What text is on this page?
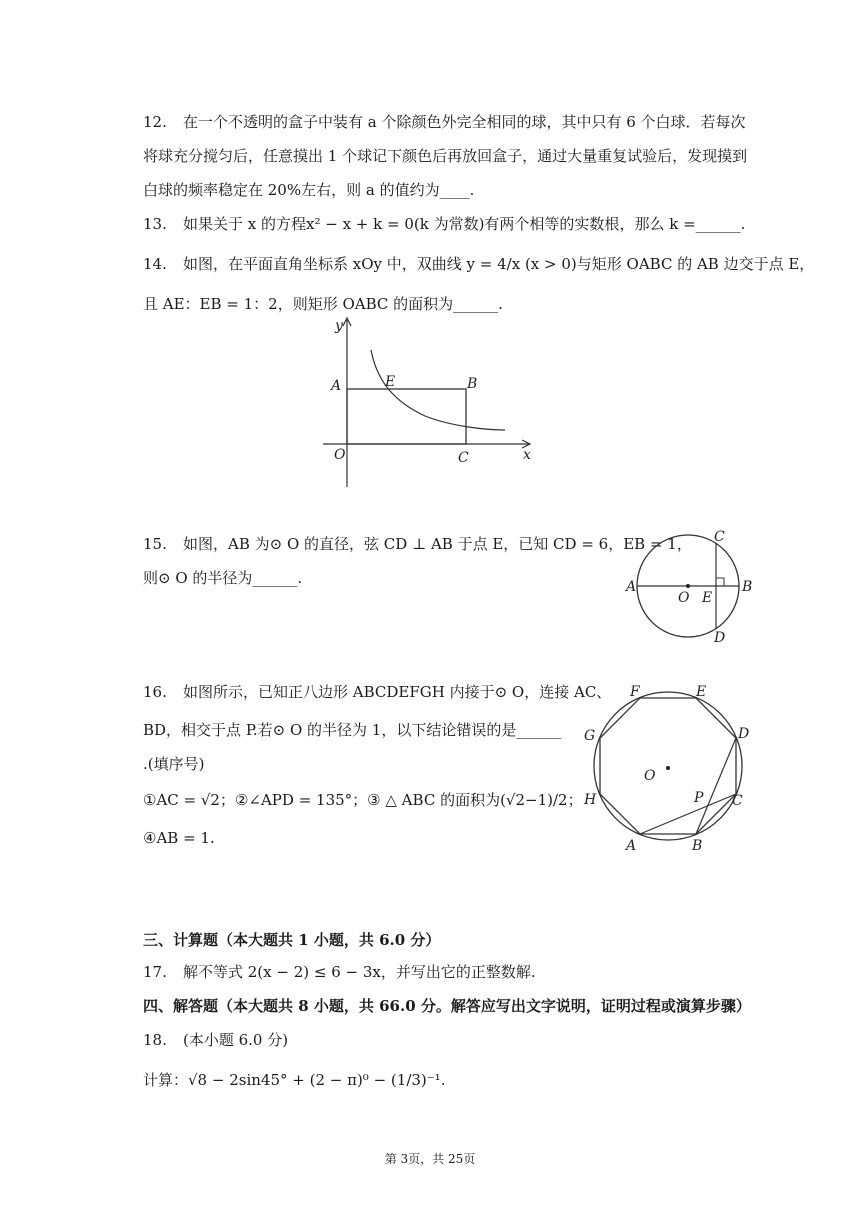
12. 在一个不透明的盒子中装有 a 个除颜色外完全相同的球，其中只有 6 个白球．若每次
将球充分搅匀后，任意摸出 1 个球记下颜色后再放回盒子，通过大量重复试验后，发现摸到
白球的频率稳定在 20%左右，则 a 的值约为____.
13. 如果关于 x 的方程x² − x + k = 0(k 为常数)有两个相等的实数根，那么 k =______.
14. 如图，在平面直角坐标系 xOy 中，双曲线 y = 4/x (x > 0)与矩形 OABC 的 AB 边交于点 E，
且 AE：EB = 1：2，则矩形 OABC 的面积为______.
y
x
A	E	B
O	C
15. 如图，AB 为⊙ O 的直径，弦 CD ⊥ AB 于点 E，已知 CD = 6，EB = 1，
则⊙ O 的半径为______.	A	B
C
D
O E
16. 如图所示，已知正八边形 ABCDEFGH 内接于⊙ O，连接 AC、
BD，相交于点 P.若⊙ O 的半径为 1，以下结论错误的是______
.(填序号)
①AC = √2；②∠APD = 135°；③ △ ABC 的面积为(√2−1)/2；
④AB = 1.	A	B
C
D
E
F
G
H
O
P
三、计算题（本大题共 1 小题，共 6.0 分）
17. 解不等式 2(x − 2) ≤ 6 − 3x，并写出它的正整数解.
四、解答题（本大题共 8 小题，共 66.0 分。解答应写出文字说明，证明过程或演算步骤）
18. (本小题 6.0 分)
计算：√8 − 2sin45° + (2 − π)⁰ − (1/3)⁻¹.
第 3页，共 25页
